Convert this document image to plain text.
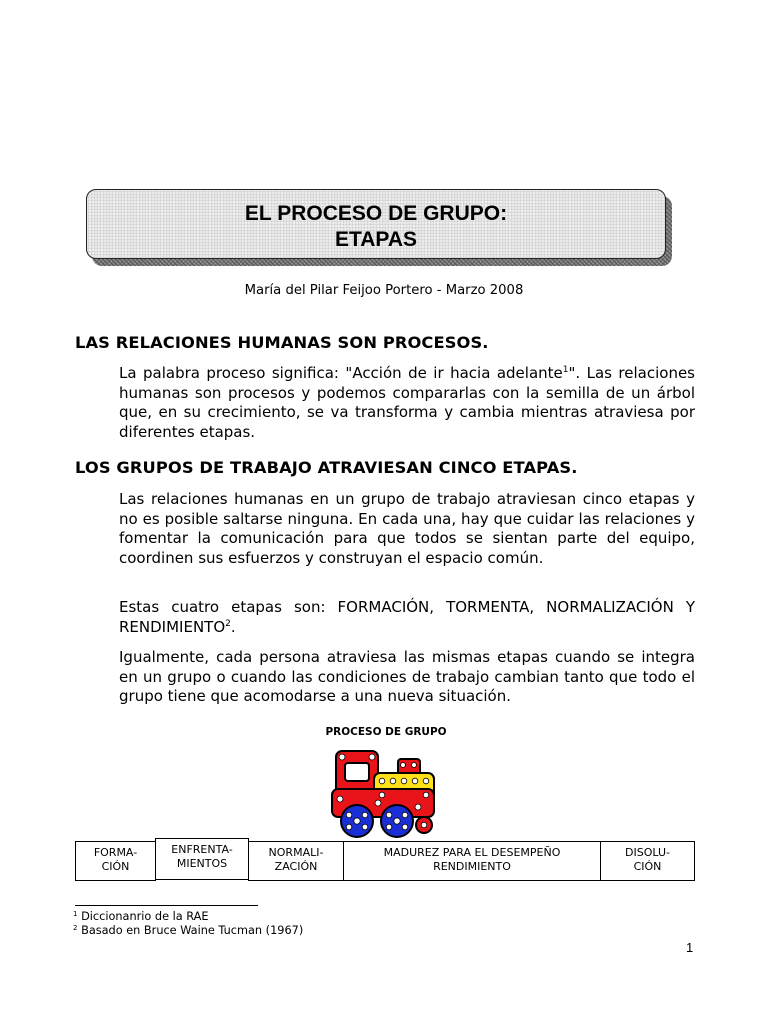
EL PROCESO DE GRUPO:
ETAPAS
María del Pilar Feijoo Portero - Marzo 2008
LAS RELACIONES HUMANAS SON PROCESOS.

La palabra proceso significa: "Acción de ir hacia adelante$^1$". Las relaciones humanas son procesos y podemos compararlas con la semilla de un árbol que, en su crecimiento, se va transforma y cambia mientras atraviesa por diferentes etapas.

LOS GRUPOS DE TRABAJO ATRAVIESAN CINCO ETAPAS.

Las relaciones humanas en un grupo de trabajo atraviesan cinco etapas y no es posible saltarse ninguna. En cada una, hay que cuidar las relaciones y fomentar la comunicación para que todos se sientan parte del equipo, coordinen sus esfuerzos y construyan el espacio común.

Estas cuatro etapas son: FORMACIÓN, TORMENTA, NORMALIZACIÓN Y RENDIMIENTO$^2$.

Igualmente, cada persona atraviesa las mismas etapas cuando se integra en un grupo o cuando las condiciones de trabajo cambian tanto que todo el grupo tiene que acomodarse a una nueva situación.

PROCESO DE GRUPO
FORMA-
CIÓN
ENFRENTA-
MIENTOS
NORMALI-
ZACIÓN
MADUREZ PARA EL DESEMPEÑO
RENDIMIENTO
DISOLU-
CIÓN
$^1$ Diccionanrio de la RAE
$^2$ Basado en Bruce Waine Tucman (1967)
1
